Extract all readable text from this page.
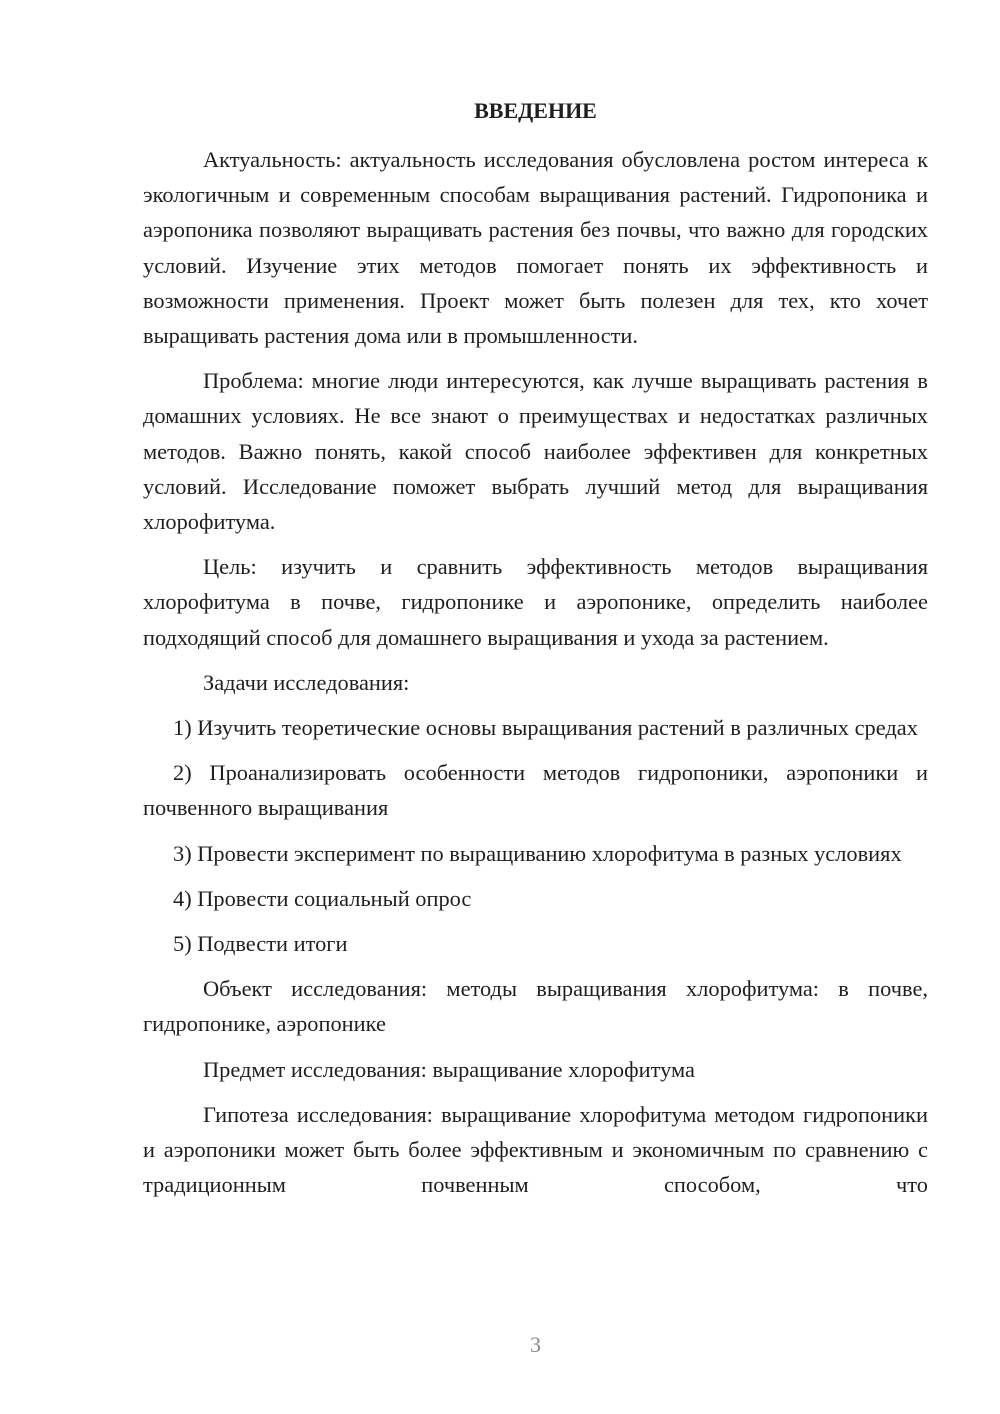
ВВЕДЕНИЕ

Актуальность: актуальность исследования обусловлена ростом интереса к экологичным и современным способам выращивания растений. Гидропоника и аэропоника позволяют выращивать растения без почвы, что важно для городских условий. Изучение этих методов помогает понять их эффективность и возможности применения. Проект может быть полезен для тех, кто хочет выращивать растения дома или в промышленности.

Проблема: многие люди интересуются, как лучше выращивать растения в домашних условиях. Не все знают о преимуществах и недостатках различных методов. Важно понять, какой способ наиболее эффективен для конкретных условий. Исследование поможет выбрать лучший метод для выращивания хлорофитума.

Цель: изучить и сравнить эффективность методов выращивания хлорофитума в почве, гидропонике и аэропонике, определить наиболее подходящий способ для домашнего выращивания и ухода за растением.

Задачи исследования:

1) Изучить теоретические основы выращивания растений в различных средах

2) Проанализировать особенности методов гидропоники, аэропоники и почвенного выращивания

3) Провести эксперимент по выращиванию хлорофитума в разных условиях

4) Провести социальный опрос

5) Подвести итоги

Объект исследования: методы выращивания хлорофитума: в почве, гидропонике, аэропонике

Предмет исследования: выращивание хлорофитума

Гипотеза исследования: выращивание хлорофитума методом гидропоники и аэропоники может быть более эффективным и экономичным по сравнению с традиционным почвенным способом, что

3
